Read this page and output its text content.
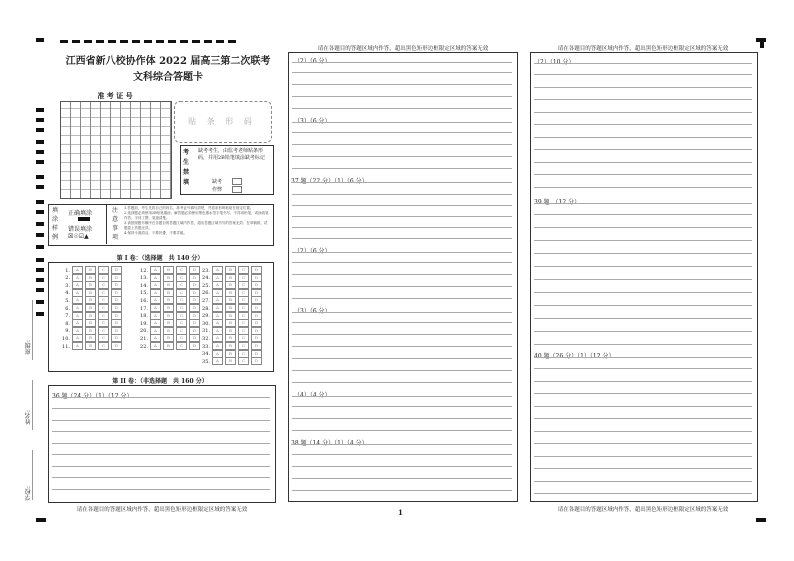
江西省新八校协作体 2022 届高三第二次联考
文科综合答题卡
准 考 证 号
贴 条 形 码
考 生 禁 填
缺考考生，由监考老师贴条形码，并用2B铅笔填涂缺考标记
缺考
作弊
填 涂 样 例
正确填涂
错误填涂
☒☉☑▲
注 意 事 项
1.答题前，考生先将自己的姓名、准考证号填写清楚，并将条形码粘贴在指定位置。
2.选择题必须使用2B铅笔填涂；解答题必须使用黑色墨水签字笔书写，不得用铅笔，或涂改笔作答；字体工整，笔迹清楚。
3.请按照题号顺序在各题目的答题区域内作答，超出答题区域书写的答案无效；在草稿纸、试题卷上答题无效。
4.保持卡面清洁，不要折叠，不要弄破。
第 I 卷：（选择题　共 140 分）
1. A	B	C D
2. A	B	C D
3. A	B	C D
4. A	B	C D
5. A	B	C D
6. A	B	C D
7. A	B	C D
8. A	B	C D
9. A	B	C D
10. A	B	C D
11. A	B	C D
12. A	B	C D
13. A	B	C D
14. A	B	C D
15. A	B	C D
16. A	B	C D
17. A	B	C D
18. A	B	C D
19. A	B	C D
20. A	B	C D
21. A	B	C D
22. A	B	C D
23. A	B	C D
24. A	B	C D
25. A	B	C D
26. A	B	C D
27. A	B	C D
28. A	B	C D
29. A	B	C D
30. A	B	C D
31. A	B	C D
32. A	B	C D
33. A	B	C D
34. A	B	C D
35. A	B	C D
第 II 卷：（非选择题　共 160 分）
36 题（24 分）（1）（12 分）
班级:
姓名:
学校:
请在各题目的答题区域内作答，超出黑色矩形边框限定区域的答案无效
请在各题目的答题区域内作答，超出黑色矩形边框限定区域的答案无效
（2）（6 分）
（3）（6 分）
37 题（22 分）（1）（6 分）
（2）（6 分）
（3）（6 分）
（4）（4 分）
38 题（14 分）（1）（4 分）
1
请在各题目的答题区域内作答，超出黑色矩形边框限定区域的答案无效
（2）（10 分）
39 题　（12 分）
40 题（26 分）（1）（12 分）
请在各题目的答题区域内作答，超出黑色矩形边框限定区域的答案无效
